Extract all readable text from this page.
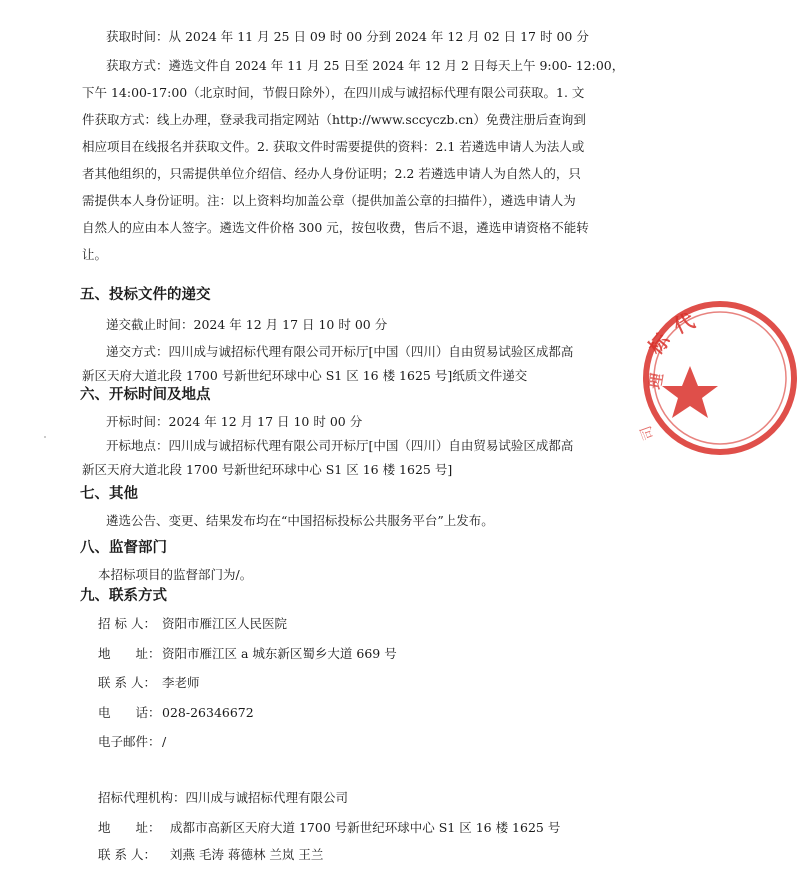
获取时间：从 2024 年 11 月 25 日 09 时 00 分到 2024 年 12 月 02 日 17 时 00 分
获取方式：遴选文件自 2024 年 11 月 25 日至 2024 年 12 月 2 日每天上午 9:00- 12:00，
下午 14:00-17:00（北京时间，节假日除外），在四川成与诚招标代理有限公司获取。1. 文
件获取方式：线上办理，登录我司指定网站（http://www.sccyczb.cn）免费注册后查询到
相应项目在线报名并获取文件。2. 获取文件时需要提供的资料：2.1 若遴选申请人为法人或
者其他组织的，只需提供单位介绍信、经办人身份证明；2.2 若遴选申请人为自然人的，只
需提供本人身份证明。注：以上资料均加盖公章（提供加盖公章的扫描件），遴选申请人为
自然人的应由本人签字。遴选文件价格 300 元，按包收费，售后不退，遴选申请资格不能转
让。
五、投标文件的递交
递交截止时间：2024 年 12 月 17 日 10 时 00 分
递交方式：四川成与诚招标代理有限公司开标厅[中国（四川）自由贸易试验区成都高
新区天府大道北段 1700 号新世纪环球中心 S1 区 16 楼 1625 号]纸质文件递交
六、开标时间及地点
开标时间：2024 年 12 月 17 日 10 时 00 分
开标地点：四川成与诚招标代理有限公司开标厅[中国（四川）自由贸易试验区成都高
新区天府大道北段 1700 号新世纪环球中心 S1 区 16 楼 1625 号]
七、其他
遴选公告、变更、结果发布均在“中国招标投标公共服务平台”上发布。
八、监督部门
本招标项目的监督部门为/。
九、联系方式
招 标 人： 资阳市雁江区人民医院
地　　址： 资阳市雁江区 a 城东新区蜀乡大道 669 号
联 系 人： 李老师
电　　话： 028-26346672
电子邮件： /
招标代理机构：四川成与诚招标代理有限公司
地　　址： 成都市高新区天府大道 1700 号新世纪环球中心 S1 区 16 楼 1625 号
联 系 人： 刘燕 毛涛 蒋德林 兰岚 王兰
标
代
理
司
